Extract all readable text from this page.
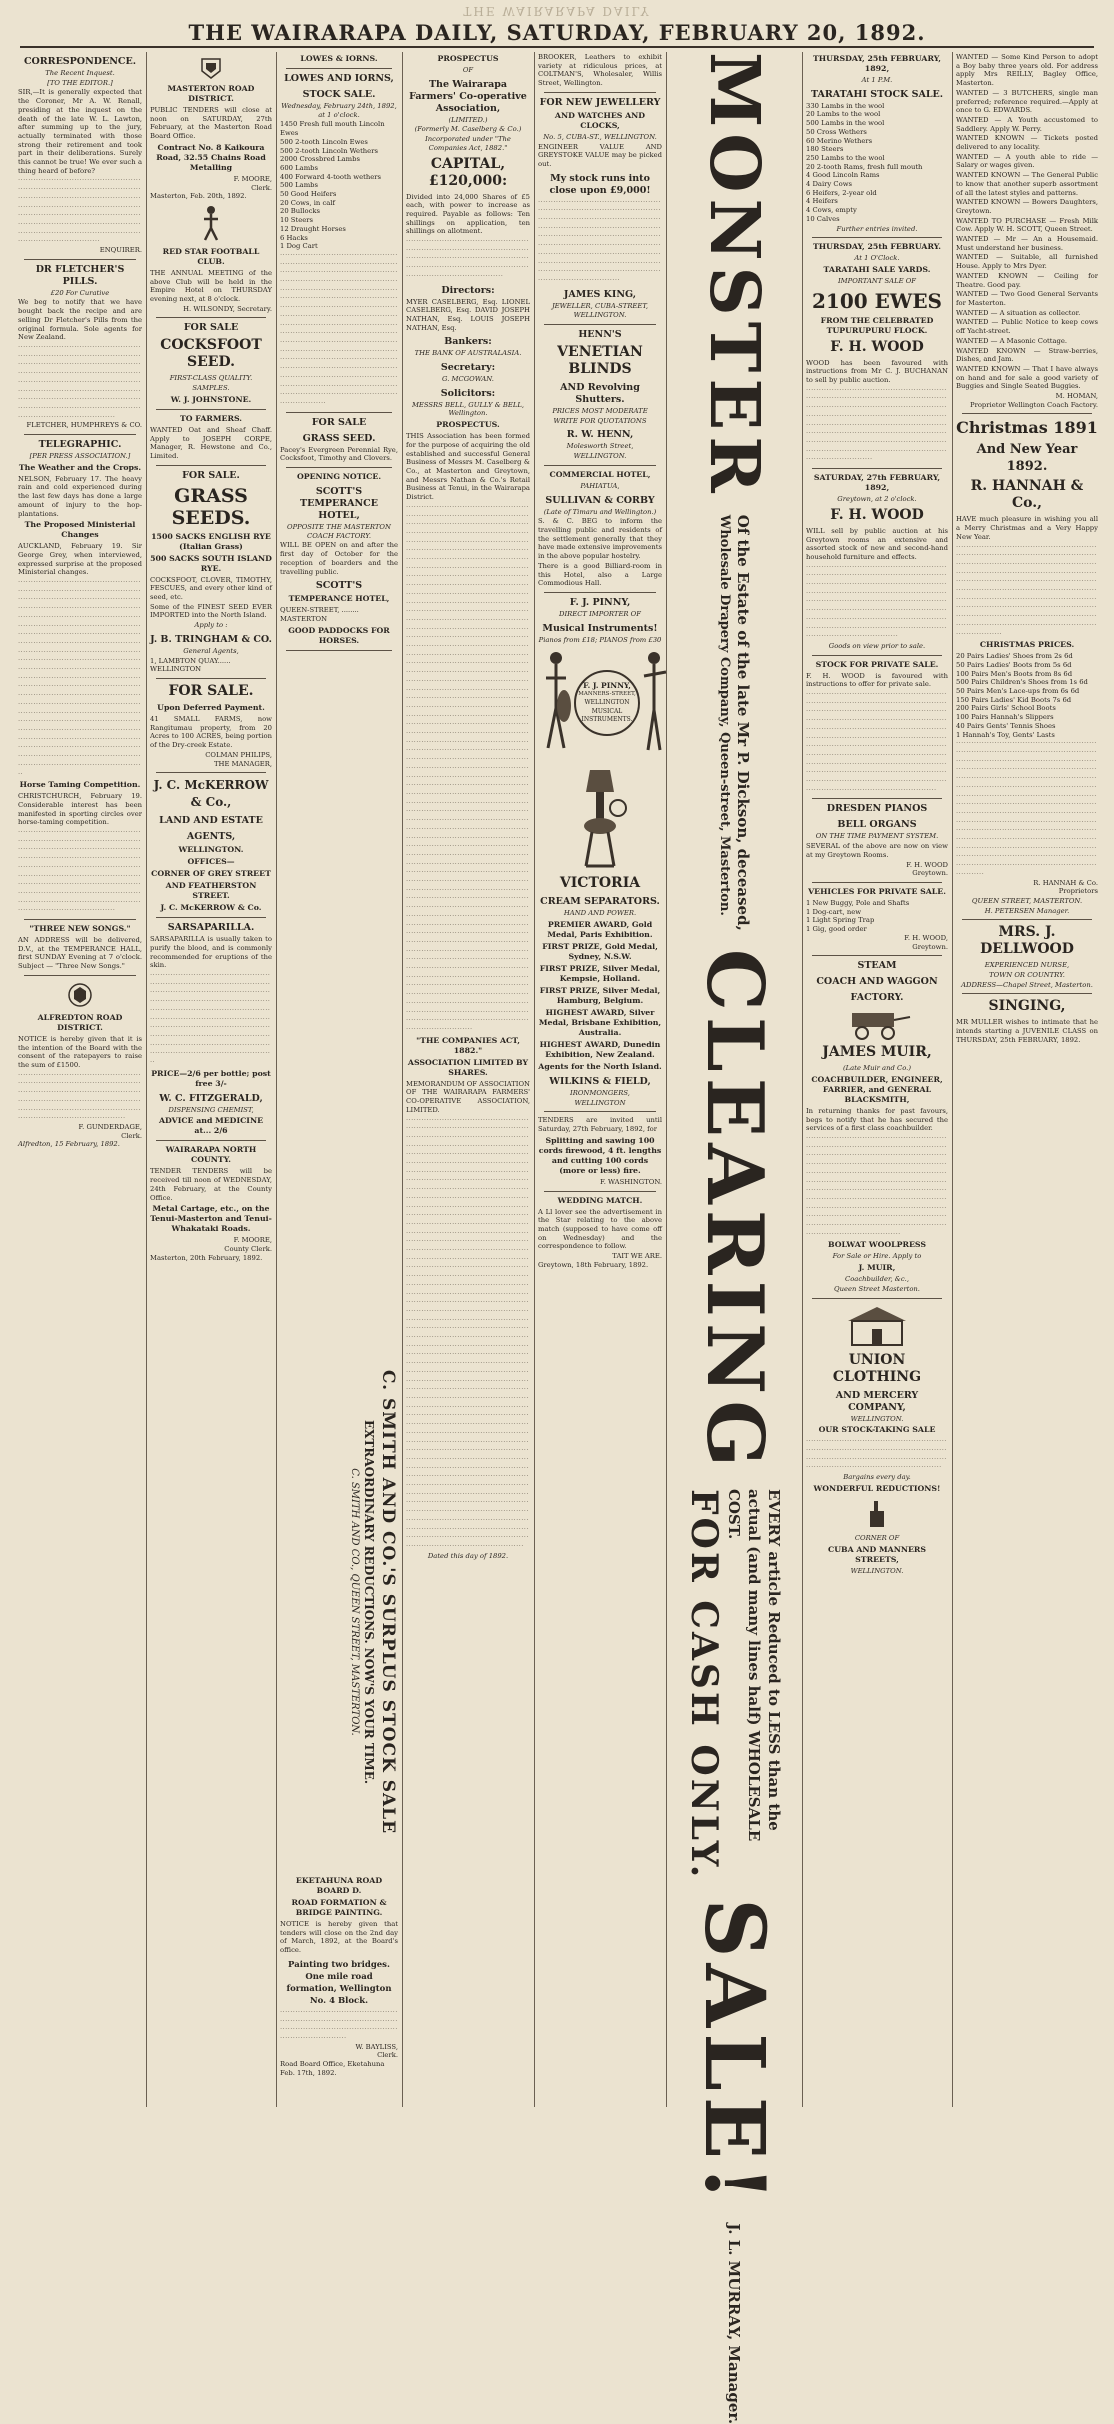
THE WAIRARAPA DAILY
THE WAIRARAPA DAILY, SATURDAY, FEBRUARY 20, 1892.
CORRESPONDENCE.
The Recent Inquest.
[TO THE EDITOR.]
SIR,—It is generally expected that the Coroner, Mr A. W. Renall, presiding at the inquest on the death of the late W. L. Lawton, after summing up to the jury, actually terminated with those strong their retirement and took part in their deliberations. Surely this cannot be true! We ever such a thing heard of before?
················································································································································································································································································································································································
ENQUIRER.
DR FLETCHER'S PILLS.
£20 For Curative
We beg to notify that we have bought back the recipe and are selling Dr Fletcher's Pills from the original formula. Sole agents for New Zealand.
······································································································································································································································································································································································································································
FLETCHER, HUMPHREYS & CO.
TELEGRAPHIC.
[PER PRESS ASSOCIATION.]
The Weather and the Crops.
NELSON, February 17. The heavy rain and cold experienced during the last few days has done a large amount of injury to the hop-plantations.
The Proposed Ministerial Changes
AUCKLAND, February 19. Sir George Grey, when interviewed, expressed surprise at the proposed Ministerial changes.
··································································································································································································································································································································································································································································································································································································································································································································································································································································································································································································································································································
Horse Taming Competition.
CHRISTCHURCH, February 19. Considerable interest has been manifested in sporting circles over horse-taming competition.
······················································································································································································································································································································································································································································································
"THREE NEW SONGS."
AN ADDRESS will be delivered, D.V., at the TEMPERANCE HALL, first SUNDAY Evening at 7 o'clock. Subject — "Three New Songs."
ALFREDTON ROAD DISTRICT.
NOTICE is hereby given that it is the intention of the Board with the consent of the ratepayers to raise the sum of £1500.
··························································································································································································································································································
F. GUNDERDAGE,
Clerk.
Alfredton, 15 February, 1892.
MASTERTON ROAD DISTRICT.
PUBLIC TENDERS will close at noon on SATURDAY, 27th February, at the Masterton Road Board Office.
Contract No. 8 Kaikoura Road, 32.55 Chains Road Metalling
F. MOORE,
Clerk.
Masterton, Feb. 20th, 1892.
RED STAR FOOTBALL CLUB.
THE ANNUAL MEETING of the above Club will be held in the Empire Hotel on THURSDAY evening next, at 8 o'clock.
H. WILSONDY, Secretary.
FOR SALE
COCKSFOOT SEED.
FIRST-CLASS QUALITY.
SAMPLES.
W. J. JOHNSTONE.
TO FARMERS.
WANTED Oat and Sheaf Chaff. Apply to JOSEPH CORPE, Manager, R. Hewstone and Co., Limited.
FOR SALE.
GRASS SEEDS.
1500 SACKS ENGLISH RYE (Italian Grass)
500 SACKS SOUTH ISLAND RYE.
COCKSFOOT, CLOVER, TIMOTHY, FESCUES, and every other kind of seed, etc.
Some of the FINEST SEED EVER IMPORTED into the North Island.
Apply to :
J. B. TRINGHAM & CO.
General Agents,
1, LAMBTON QUAY...... WELLINGTON
FOR SALE.
Upon Deferred Payment.
41 SMALL FARMS, now Rangitumau property, from 20 Acres to 100 ACRES, being portion of the Dry-creek Estate.
COLMAN PHILIPS,
THE MANAGER,
J. C. McKERROW & Co.,
LAND AND ESTATE
AGENTS,
WELLINGTON.
OFFICES—
CORNER OF GREY STREET
AND FEATHERSTON STREET.
J. C. McKERROW & Co.
SARSAPARILLA.
SARSAPARILLA is usually taken to purify the blood, and is commonly recommended for eruptions of the skin.
························································································································································································································································································································································································································································································
PRICE—2/6 per bottle; post free 3/-
W. C. FITZGERALD,
DISPENSING CHEMIST,
ADVICE and MEDICINE at... 2/6
WAIRARAPA NORTH COUNTY.
TENDER TENDERS will be received till noon of WEDNESDAY, 24th February, at the County Office.
Metal Cartage, etc., on the Tenui-Masterton and Tenui-Whakataki Roads.
F. MOORE,
County Clerk.
Masterton, 20th February, 1892.
LOWES & IORNS.
LOWES AND IORNS,
STOCK SALE.
Wednesday, February 24th, 1892, at 1 o'clock.
1450 Fresh full mouth Lincoln Ewes
500 2-tooth Lincoln Ewes
500 2-tooth Lincoln Wethers
2000 Crossbred Lambs
600 Lambs
400 Forward 4-tooth wethers
500 Lambs
50 Good Heifers
20 Cows, in calf
20 Bullocks
10 Steers
12 Draught Horses
6 Hacks
1 Dog Cart
································································································································································································································································································································································································································································································································································································································································································································································································································
FOR SALE
GRASS SEED.
Pacey's Evergreen Perennial Rye, Cocksfoot, Timothy and Clovers.
OPENING NOTICE.
SCOTT'S TEMPERANCE HOTEL,
OPPOSITE THE MASTERTON COACH FACTORY.
WILL BE OPEN on and after the first day of October for the reception of boarders and the travelling public.
SCOTT'S
TEMPERANCE HOTEL,
QUEEN-STREET, ........ MASTERTON
GOOD PADDOCKS FOR HORSES.
C. SMITH AND CO.'S SURPLUS STOCK SALE
EXTRAORDINARY REDUCTIONS. NOW'S YOUR TIME.
C. SMITH AND CO., QUEEN STREET, MASTERTON.
EKETAHUNA ROAD BOARD D.
ROAD FORMATION & BRIDGE PAINTING.
NOTICE is hereby given that tenders will close on the 2nd day of March, 1892, at the Board's office.
Painting two bridges. One mile road formation, Wellington No. 4 Block.
····································································································································································
W. BAYLISS,
Clerk.
Road Board Office, Eketahuna Feb. 17th, 1892.
PROSPECTUS
OF
The Wairarapa Farmers' Co-operative Association,
(LIMITED.)
(Formerly M. Caselberg & Co.)
Incorporated under "The Companies Act, 1882."
CAPITAL, £120,000:
Divided into 24,000 Shares of £5 each, with power to increase as required. Payable as follows: Ten shillings on application, ten shillings on allotment.
······································································································································································································································
Directors:
MYER CASELBERG, Esq. LIONEL CASELBERG, Esq. DAVID JOSEPH NATHAN, Esq. LOUIS JOSEPH NATHAN, Esq.
Bankers:
THE BANK OF AUSTRALASIA.
Secretary:
G. MCGOWAN.
Solicitors:
MESSRS BELL, GULLY & BELL, Wellington.
PROSPECTUS.
THIS Association has been formed for the purpose of acquiring the old established and successful General Business of Messrs M. Caselberg & Co., at Masterton and Greytown, and Messrs Nathan & Co.'s Retail Business at Tenui, in the Wairarapa District.
··························································································································································································································································································································································································································································································································································································································································································································································································································································································································································································································································································································································································································································································································································································································································································································································································································································································································································································································································································································································································································································································································································································································································································································································································································································································································································································································································································································································································································································································································································································································
"THE COMPANIES ACT, 1882."
ASSOCIATION LIMITED BY SHARES.
MEMORANDUM OF ASSOCIATION OF THE WAIRARAPA FARMERS' CO-OPERATIVE ASSOCIATION, LIMITED.
······························································································································································································································································································································································································································································································································································································································································································································································································································································································································································································································································································································································································································································································································································································································································································································································································································································································································································································································································································································································································································································································································································································································································································································································································································································································
Dated this day of 1892.
BROOKER, Leathers to exhibit variety at ridiculous prices, at COLTMAN'S, Wholesaler, Willis Street, Wellington.
FOR NEW JEWELLERY
AND WATCHES AND CLOCKS,
No. 5, CUBA-ST., WELLINGTON.
ENGINEER VALUE AND GREYSTOKE VALUE may be picked out.
My stock runs into close upon £9,000!
················································································································································································································································································································································································································································································
JAMES KING,
JEWELLER, CUBA-STREET,
WELLINGTON.
HENN'S
VENETIAN BLINDS
AND Revolving Shutters.
PRICES MOST MODERATE
WRITE FOR QUOTATIONS
R. W. HENN,
Molesworth Street,
WELLINGTON.
COMMERCIAL HOTEL,
PAHIATUA,
SULLIVAN & CORBY
(Late of Timaru and Wellington.)
S. & C. BEG to inform the travelling public and residents of the settlement generally that they have made extensive improvements in the above popular hostelry.
There is a good Billiard-room in this Hotel, also a Large Commodious Hall.
F. J. PINNY,
DIRECT IMPORTER OF
Musical Instruments!
Pianos from £18; PIANOS from £30
F. J. PINNY,
MANNERS-STREET,
WELLINGTON
MUSICAL
INSTRUMENTS.
VICTORIA
CREAM SEPARATORS.
HAND AND POWER.
PREMIER AWARD, Gold Medal, Paris Exhibition.
FIRST PRIZE, Gold Medal, Sydney, N.S.W.
FIRST PRIZE, Silver Medal, Kempsie, Holland.
FIRST PRIZE, Silver Medal, Hamburg, Belgium.
HIGHEST AWARD, Silver Medal, Brisbane Exhibition, Australia.
HIGHEST AWARD, Dunedin Exhibition, New Zealand.
Agents for the North Island.
WILKINS & FIELD,
IRONMONGERS,
WELLINGTON
TENDERS are invited until Saturday, 27th February, 1892, for
Splitting and sawing 100 cords firewood, 4 ft. lengths and cutting 100 cords (more or less) fire.
F. WASHINGTON.
WEDDING MATCH.
A Ll lover see the advertisement in the Star relating to the above match (supposed to have come off on Wednesday) and the correspondence to follow.
TAIT WE ARE.
Greytown, 18th February, 1892.
MONSTER
Of the Estate of the late Mr P. Dickson, deceased,
Wholesale Drapery Company, Queen-street, Masterton.
CLEARING
EVERY article Reduced to LESS than the actual (and many lines half) WHOLESALE COST.
FOR CASH ONLY.
SALE!
J. L. MURRAY, Manager.
THURSDAY, 25th FEBRUARY, 1892,
At 1 P.M.
TARATAHI STOCK SALE.
330 Lambs in the wool
20 Lambs to the wool
500 Lambs in the wool
50 Cross Wethers
60 Merino Wethers
180 Steers
250 Lambs to the wool
20 2-tooth Rams, fresh full mouth
4 Good Lincoln Rams
4 Dairy Cows
6 Heifers, 2-year old
4 Heifers
4 Cows, empty
10 Calves
Further entries invited.
THURSDAY, 25th FEBRUARY.
At 1 O'Clock.
TARATAHI SALE YARDS.
IMPORTANT SALE OF
2100 EWES
FROM THE CELEBRATED TUPURUPURU FLOCK.
F. H. WOOD
WOOD has been favoured with instructions from Mr C. J. BUCHANAN to sell by public auction.
··················································································································································································································································································································································································································································································
SATURDAY, 27th FEBRUARY, 1892,
Greytown, at 2 o'clock.
F. H. WOOD
WILL sell by public auction at his Greytown rooms an extensive and assorted stock of new and second-hand household furniture and effects.
····························································································································································································································································································································································································································································································
Goods on view prior to sale.
STOCK FOR PRIVATE SALE.
F. H. WOOD is favoured with instructions to offer for private sale.
················································································································································································································································································································································································································································································································································································································································································
DRESDEN PIANOS
BELL ORGANS
ON THE TIME PAYMENT SYSTEM.
SEVERAL of the above are now on view at my Greytown Rooms.
F. H. WOOD
Greytown.
VEHICLES FOR PRIVATE SALE.
1 New Buggy, Pole and Shafts
1 Dog-cart, new
1 Light Spring Trap
1 Gig, good order
F. H. WOOD,
Greytown.
STEAM
COACH AND WAGGON
FACTORY.
JAMES MUIR,
(Late Muir and Co.)
COACHBUILDER, ENGINEER, FARRIER, and GENERAL BLACKSMITH,
In returning thanks for past favours, begs to notify that he has secured the services of a first class coachbuilder.
··································································································································································································································································································································································································································································································································································································································································
BOLWAT WOOLPRESS
For Sale or Hire. Apply to
J. MUIR,
Coachbuilder, &c.,
Queen Street Masterton.
UNION CLOTHING
AND MERCERY COMPANY,
WELLINGTON.
OUR STOCK-TAKING SALE
··························································································································································································································
Bargains every day.
WONDERFUL REDUCTIONS!
CORNER OF
CUBA AND MANNERS STREETS,
WELLINGTON.
WANTED — Some Kind Person to adopt a Boy baby three years old. For address apply Mrs REILLY, Bagley Office, Masterton.
WANTED — 3 BUTCHERS, single man preferred; reference required.—Apply at once to G. EDWARDS.
WANTED — A Youth accustomed to Saddlery. Apply W. Perry.
WANTED KNOWN — Tickets posted delivered to any locality.
WANTED — A youth able to ride — Salary or wages given.
WANTED KNOWN — The General Public to know that another superb assortment of all the latest styles and patterns.
WANTED KNOWN — Bowers Daughters, Greytown.
WANTED TO PURCHASE — Fresh Milk Cow. Apply W. H. SCOTT, Queen Street.
WANTED — Mr — An a Housemaid. Must understand her business.
WANTED — Suitable, all furnished House. Apply to Mrs Dyer.
WANTED KNOWN — Ceiling for Theatre. Good pay.
WANTED — Two Good General Servants for Masterton.
WANTED — A situation as collector.
WANTED — Public Notice to keep cows off Yacht-street.
WANTED — A Masonic Cottage.
WANTED KNOWN — Straw-berries, Dishes, and Jam.
WANTED KNOWN — That I have always on hand and for sale a good variety of Buggies and Single Seated Buggies.
M. HOMAN,
Proprietor Wellington Coach Factory.
Christmas 1891
And New Year 1892.
R. HANNAH & Co.,
HAVE much pleasure in wishing you all a Merry Christmas and a Very Happy New Year.
························································································································································································································································································································································································································································································································································································
CHRISTMAS PRICES.
20 Pairs Ladies' Shoes from 2s 6d
50 Pairs Ladies' Boots from 5s 6d
100 Pairs Men's Boots from 8s 6d
500 Pairs Children's Shoes from 1s 6d
50 Pairs Men's Lace-ups from 6s 6d
150 Pairs Ladies' Kid Boots 7s 6d
200 Pairs Girls' School Boots
100 Pairs Hannah's Slippers
40 Pairs Gents' Tennis Shoes
1 Hannah's Toy, Gents' Lasts
····································································································································································································································································································································································································································································································································································································································································································································································································································································
R. HANNAH & Co.
Proprietors
QUEEN STREET, MASTERTON.
H. PETERSEN Manager.
MRS. J. DELLWOOD
EXPERIENCED NURSE,
TOWN OR COUNTRY.
ADDRESS—Chapel Street, Masterton.
SINGING,
MR MULLER wishes to intimate that he intends starting a JUVENILE CLASS on THURSDAY, 25th FEBRUARY, 1892.
